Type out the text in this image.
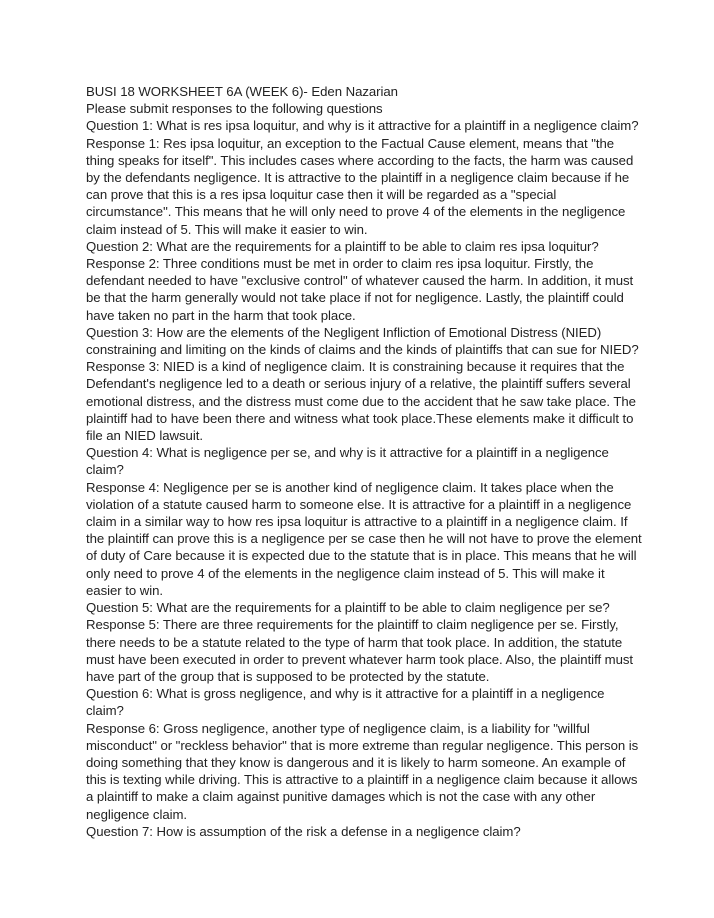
BUSI 18 WORKSHEET 6A (WEEK 6)- Eden Nazarian

Please submit responses to the following questions

Question 1: What is res ipsa loquitur, and why is it attractive for a plaintiff in a negligence claim?

Response 1: Res ipsa loquitur, an exception to the Factual Cause element, means that "the thing speaks for itself". This includes cases where according to the facts, the harm was caused by the defendants negligence. It is attractive to the plaintiff in a negligence claim because if he can prove that this is a res ipsa loquitur case then it will be regarded as a "special circumstance". This means that he will only need to prove 4 of the elements in the negligence claim instead of 5. This will make it easier to win.

Question 2: What are the requirements for a plaintiff to be able to claim res ipsa loquitur?

Response 2: Three conditions must be met in order to claim res ipsa loquitur. Firstly, the defendant needed to have "exclusive control" of whatever caused the harm. In addition, it must be that the harm generally would not take place if not for negligence. Lastly, the plaintiff could have taken no part in the harm that took place.

Question 3: How are the elements of the Negligent Infliction of Emotional Distress (NIED) constraining and limiting on the kinds of claims and the kinds of plaintiffs that can sue for NIED?

Response 3: NIED is a kind of negligence claim. It is constraining because it requires that the Defendant's negligence led to a death or serious injury of a relative, the plaintiff suffers several emotional distress, and the distress must come due to the accident that he saw take place. The plaintiff had to have been there and witness what took place.These elements make it difficult to file an NIED lawsuit.

Question 4: What is negligence per se, and why is it attractive for a plaintiff in a negligence claim?

Response 4: Negligence per se is another kind of negligence claim. It takes place when the violation of a statute caused harm to someone else. It is attractive for a plaintiff in a negligence claim in a similar way to how res ipsa loquitur is attractive to a plaintiff in a negligence claim. If the plaintiff can prove this is a negligence per se case then he will not have to prove the element of duty of Care because it is expected due to the statute that is in place. This means that he will only need to prove 4 of the elements in the negligence claim instead of 5. This will make it easier to win.

Question 5: What are the requirements for a plaintiff to be able to claim negligence per se?

Response 5: There are three requirements for the plaintiff to claim negligence per se. Firstly, there needs to be a statute related to the type of harm that took place. In addition, the statute must have been executed in order to prevent whatever harm took place. Also, the plaintiff must have part of the group that is supposed to be protected by the statute.

Question 6: What is gross negligence, and why is it attractive for a plaintiff in a negligence claim?

Response 6: Gross negligence, another type of negligence claim, is a liability for "willful misconduct" or "reckless behavior" that is more extreme than regular negligence. This person is doing something that they know is dangerous and it is likely to harm someone. An example of this is texting while driving. This is attractive to a plaintiff in a negligence claim because it allows a plaintiff to make a claim against punitive damages which is not the case with any other negligence claim.

Question 7: How is assumption of the risk a defense in a negligence claim?
